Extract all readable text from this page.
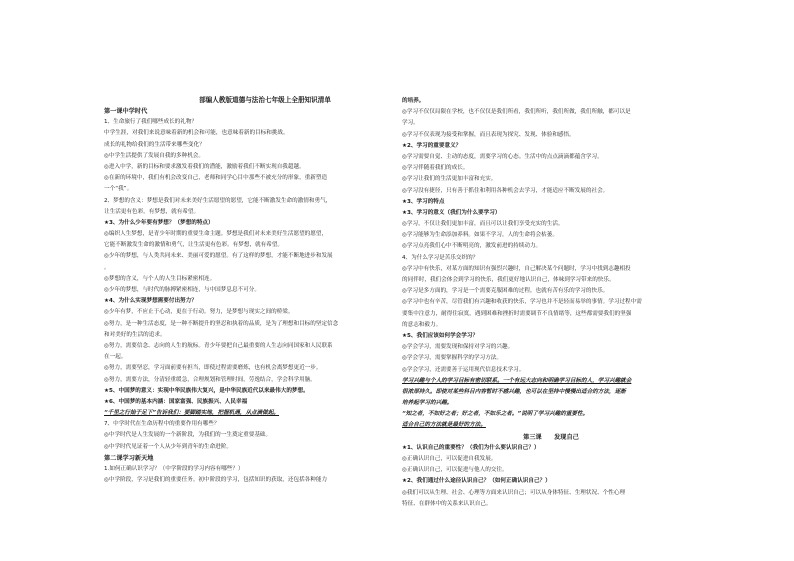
部编人教版道德与法治七年级上全册知识清单
第一课中学时代
1、生命旅行了我们哪些成长的礼物？
中学生涯，对我们来说意味着新的机会和可能，也意味着新的目标和挑战。
成长的礼物给我们的生活带来哪些变化？
◎中学生活提供了发展自我的多种机会。
◎进入中学，新的目标和要求激发着我们的潜能，激励着我们不断实现自我超越。
◎在新的环境中，我们有机会改变自己，老师和同学心目中那些不被充分的形象，重新塑造
一个“我”。
2、梦想的含义：梦想是我们对未来美好生活愿望的愿望，它能不断激发生命的激情和勇气，
让生活更有色彩，有梦想，就有希望。
★3、为什么少年要有梦想？（梦想的特点）
◎编织人生梦想，是青少年时期的重要生命主题。梦想是我们对未来美好生活愿望的愿望，
它能不断激发生命的激情和勇气，让生活更有色彩。有梦想，就有希望。
◎少年的梦想，与人类共同未来、美丽可爱的愿望。有了这样的梦想，才能不断地进步和发展
。
◎梦想的含义，与个人的人生目标紧密相连。
◎少年的梦想，与时代的脉搏紧密相连，与中国梦息息不可分。
★4、为什么实现梦想需要付出努力？
◎少年有梦，不应止于心动，更在于行动。努力，是梦想与现实之间的桥梁。
◎努力，是一种生活态度，是一种不断提升的坚忍和执着的品质，是为了理想和目标的坚定信念
和对美好的生活的追求。
◎努力，需要信念、志向的人生的航标。青少年要把自己最重要的人生志向同国家和人民联系
在一起。
◎努力，需要坚忍，学习面前要有担当，即使过程需要磨炼，也有机会离梦想更近一步。
◎努力，需要方法，分清轻重缓急，合理规划和管理时间，劳逸结合，学会科学用脑。
★5、中国梦的意义：实现中华民族伟大复兴，是中华民族近代以来最伟大的梦想。
★6、中国梦的基本内涵：国家富强、民族振兴、人民幸福
“千里之行始于足下”告诉我们：要脚踏实地，把握机遇，从点滴做起。
7、中学时代在生命历程中的重要作用有哪些？
◎中学时代是人生发展的一个新阶段，为我们的一生奠定重要基础。
◎中学时代见证着一个人从少年到青年的生命进阶。
第二课学习新天地
1.如何正确认识学习？（中学阶段的学习内容有哪些？）
◎中学阶段，学习是我们的重要任务。初中阶段的学习，包括知识的获取，还包括各种能力
的培养。
◎学习不仅仅局限在学校，也不仅仅是我们所看，我们所听，我们所做，我们所触，都可以是
学习。
◎学习不仅表现为接受和掌握，而且表现为探究、发现、体验和感悟。
★2、学习的重要意义？
◎学习需要自觉、主动的态度，需要学习的心态。生活中的点点滴滴都蕴含学习。
◎学习伴随着我们的成长。
◎学习让我们的生活更加丰富和充实。
◎学习没有捷径，只有善于抓住和利用各种机会去学习，才能适应不断发展的社会。
★3、学习的特点
★3、学习的意义（我们为什么要学习）
◎学习，不仅让我们更加丰富，而且可以让我们享受充实的生活。
◎学习能够为生命添加养料。如果不学习，人的生命将会枯萎。
◎学习点亮我们心中不断明亮的，激发前进的持续动力。
4、为什么学习是苦乐交织的？
◎学习中有快乐，对某方面的知识有强烈兴趣时，自己解决某个问题时，学习中找到志趣相投
的同伴时，我们会体会到学习的快乐，我们更好地认识自己，体味到学习带来的快乐。
◎学习是多方面的，学习是一个需要克服困难的过程，也就有苦有乐的学习的快乐。
◎学习中也有辛苦，尽管我们有兴趣和收获的快乐，学习也并不是轻而易举的事情。学习过程中需
要集中注意力，耐得住寂寞，遇到困难和挫折时需要调节不良情绪等，这些都需要我们的坚强
的意志和毅力。
★5、我们应该如何学会学习？
◎学会学习，需要发现和保持对学习的兴趣。
◎学会学习，需要掌握科学的学习方法。
◎学会学习，还需要善于运用现代信息技术学习。
学习兴趣与个人的学习目标有密切联系。一个有远大志向和明确学习目标的人，学习兴趣就会
很浓厚持久。即使对某些科目内容暂时不感兴趣，也可以在坚持中慢慢出适合的方法，逐渐
培养起学习的兴趣。
“知之者，不如好之者；好之者，不如乐之者。”说明了学习兴趣的重要性。
适合自己的方法就是最好的方法。
第三课　　发现自己
★1、认识自己的重要性？（我们为什么要认识自己？）
◎正确认识自己，可以促进自我发展。
◎正确认识自己，可以促进与他人的交往。
★2、我们通过什么途径认识自己？（如何正确认识自己？）
◎我们可以从生理、社会、心理等方面来认识自己；可以从身体特征、生理状况、个性心理
特征、在群体中的关系来认识自己。
